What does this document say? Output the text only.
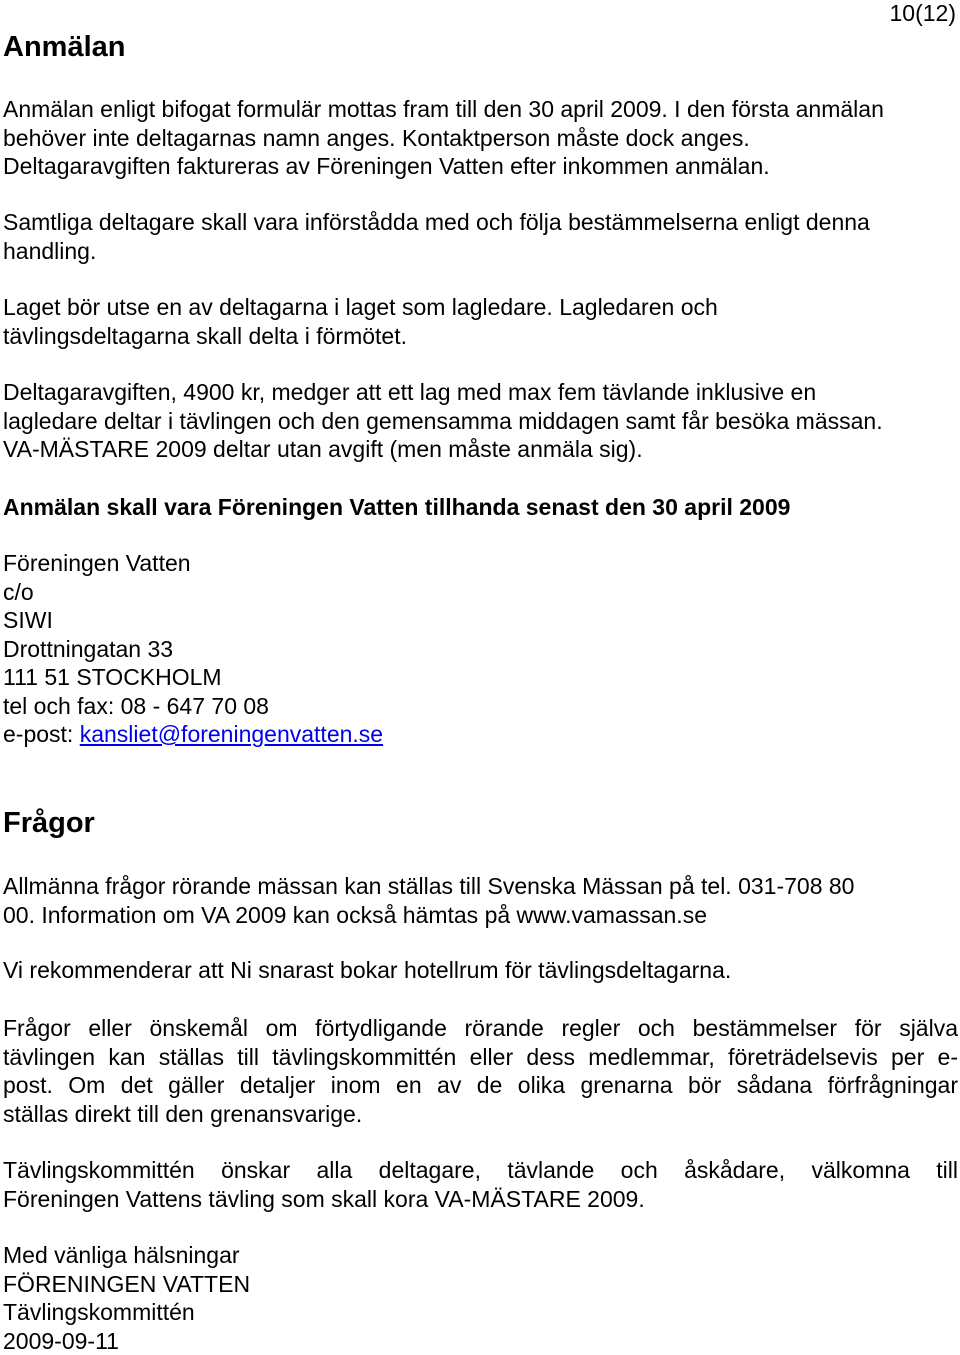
10(12)
Anmälan
Anmälan enligt bifogat formulär mottas fram till den 30 april 2009. I den första anmälan
behöver inte deltagarnas namn anges. Kontaktperson måste dock anges.
Deltagaravgiften faktureras av Föreningen Vatten efter inkommen anmälan.
Samtliga deltagare skall vara införstådda med och följa bestämmelserna enligt denna
handling.
Laget bör utse en av deltagarna i laget som lagledare. Lagledaren och
tävlingsdeltagarna skall delta i förmötet.
Deltagaravgiften, 4900 kr, medger att ett lag med max fem tävlande inklusive en
lagledare deltar i tävlingen och den gemensamma middagen samt får besöka mässan.
VA-MÄSTARE 2009 deltar utan avgift (men måste anmäla sig).
Anmälan skall vara Föreningen Vatten tillhanda senast den 30 april 2009
Föreningen Vatten
c/o
SIWI
Drottningatan 33
111 51 STOCKHOLM
tel och fax: 08 - 647 70 08
e-post: kansliet@foreningenvatten.se
Frågor
Allmänna frågor rörande mässan kan ställas till Svenska Mässan på tel. 031-708 80
00. Information om VA 2009 kan också hämtas på www.vamassan.se
Vi rekommenderar att Ni snarast bokar hotellrum för tävlingsdeltagarna.
Frågor eller önskemål om förtydligande rörande regler och bestämmelser för själva
tävlingen kan ställas till tävlingskommittén eller dess medlemmar, företrädelsevis per e-
post. Om det gäller detaljer inom en av de olika grenarna bör sådana förfrågningar
ställas direkt till den grenansvarige.
Tävlingskommittén önskar alla deltagare, tävlande och åskådare, välkomna till
Föreningen Vattens tävling som skall kora VA-MÄSTARE 2009.
Med vänliga hälsningar
FÖRENINGEN VATTEN
Tävlingskommittén
2009-09-11
